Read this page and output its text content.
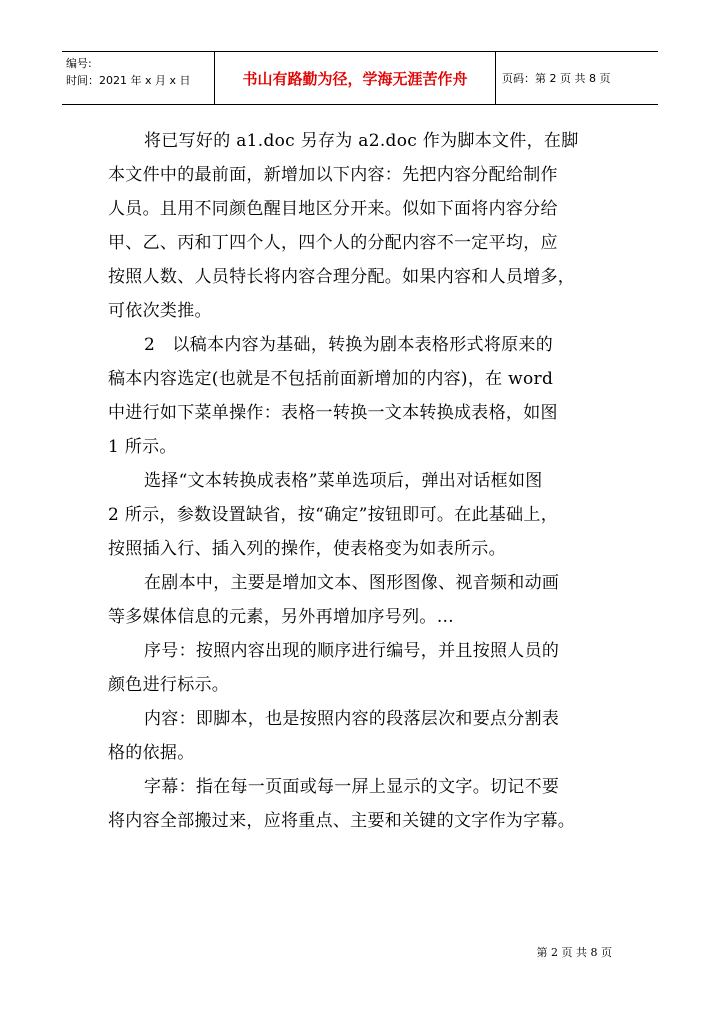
编号:
时间：2021 年 x 月 x 日	书山有路勤为径，学海无涯苦作舟	页码：第 2 页 共 8 页

将已写好的 a1.doc 另存为 a2.doc 作为脚本文件，在脚
本文件中的最前面，新增加以下内容：先把内容分配给制作
人员。且用不同颜色醒目地区分开来。似如下面将内容分给
甲、乙、丙和丁四个人，四个人的分配内容不一定平均，应
按照人数、人员特长将内容合理分配。如果内容和人员增多，
可依次类推。

2　以稿本内容为基础，转换为剧本表格形式将原来的
稿本内容选定(也就是不包括前面新增加的内容)，在 word
中进行如下菜单操作：表格一转换一文本转换成表格，如图
1 所示。

选择“文本转换成表格”菜单选项后，弹出对话框如图
2 所示，参数设置缺省，按“确定”按钮即可。在此基础上，
按照插入行、插入列的操作，使表格变为如表所示。

在剧本中，主要是增加文本、图形图像、视音频和动画
等多媒体信息的元素，另外再增加序号列。…

序号：按照内容出现的顺序进行编号，并且按照人员的
颜色进行标示。

内容：即脚本，也是按照内容的段落层次和要点分割表
格的依据。

字幕：指在每一页面或每一屏上显示的文字。切记不要
将内容全部搬过来，应将重点、主要和关键的文字作为字幕。

第 2 页 共 8 页
